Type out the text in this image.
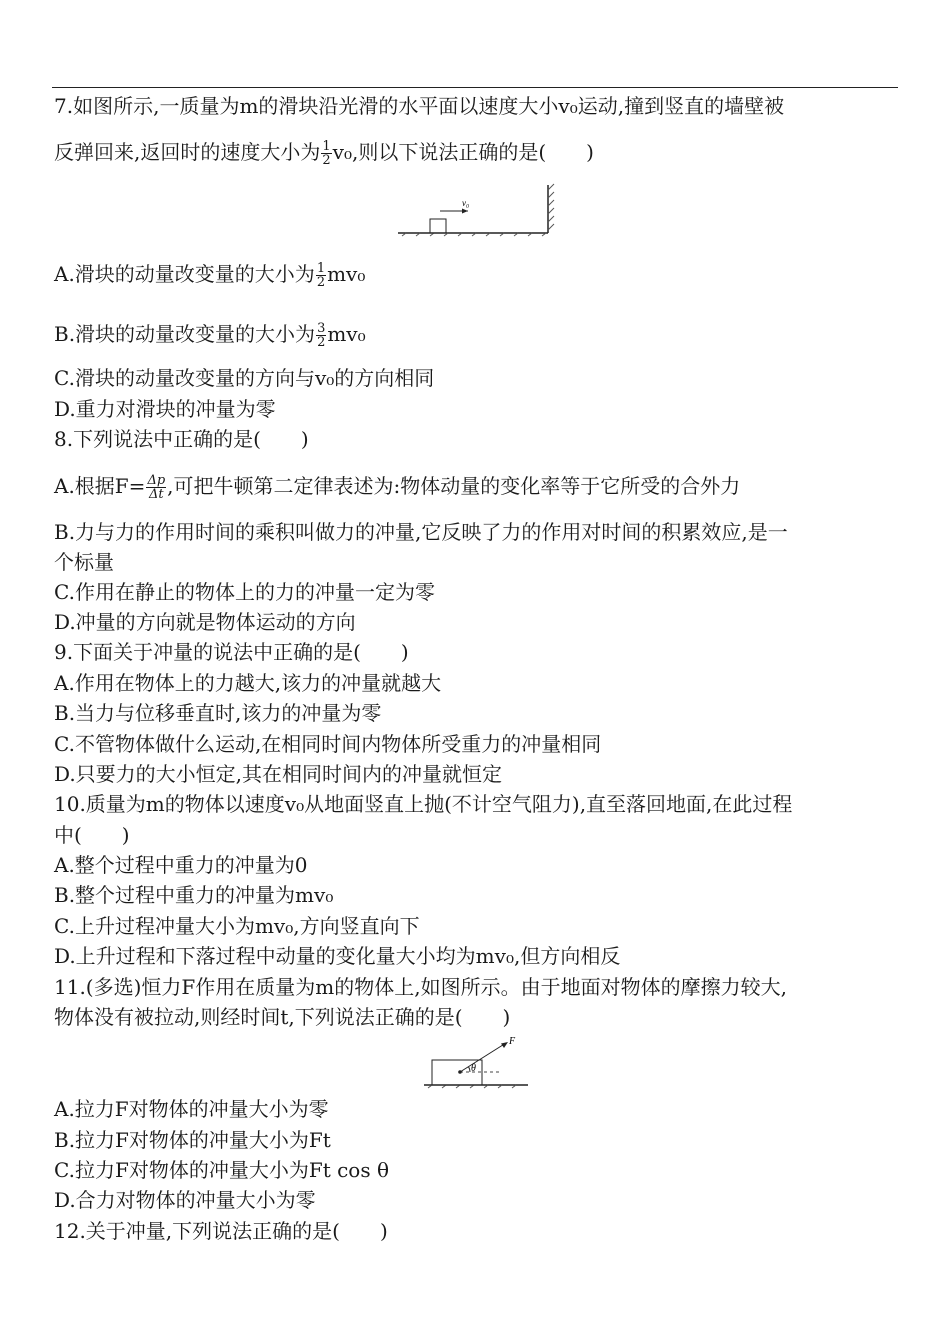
7.如图所示,一质量为m的滑块沿光滑的水平面以速度大小v₀运动,撞到竖直的墙壁被
反弹回来,返回时的速度大小为 $\frac{1}{2} v_0$,则以下说法正确的是(　　)
v₀
A.滑块的动量改变量的大小为 $\frac{1}{2} mv_0$
B.滑块的动量改变量的大小为 $\frac{3}{2} mv_0$
C.滑块的动量改变量的方向与v₀的方向相同
D.重力对滑块的冲量为零
8.下列说法中正确的是(　　)
A.根据$F= \frac{\Delta p}{\Delta t}$ ,可把牛顿第二定律表述为:物体动量的变化率等于它所受的合外力
B.力与力的作用时间的乘积叫做力的冲量,它反映了力的作用对时间的积累效应,是一
个标量
C.作用在静止的物体上的力的冲量一定为零
D.冲量的方向就是物体运动的方向
9.下面关于冲量的说法中正确的是(　　)
A.作用在物体上的力越大,该力的冲量就越大
B.当力与位移垂直时,该力的冲量为零
C.不管物体做什么运动,在相同时间内物体所受重力的冲量相同
D.只要力的大小恒定,其在相同时间内的冲量就恒定
10.质量为m的物体以速度v₀从地面竖直上抛(不计空气阻力),直至落回地面,在此过程
中(　　)
A.整个过程中重力的冲量为0
B.整个过程中重力的冲量为mv₀
C.上升过程冲量大小为mv₀,方向竖直向下
D.上升过程和下落过程中动量的变化量大小均为mv₀,但方向相反
11.(多选)恒力F作用在质量为m的物体上,如图所示。由于地面对物体的摩擦力较大,
物体没有被拉动,则经时间t,下列说法正确的是(　　)
θ
F
A.拉力F对物体的冲量大小为零
B.拉力F对物体的冲量大小为Ft
C.拉力F对物体的冲量大小为Ft cos θ
D.合力对物体的冲量大小为零
12.关于冲量,下列说法正确的是(　　)
